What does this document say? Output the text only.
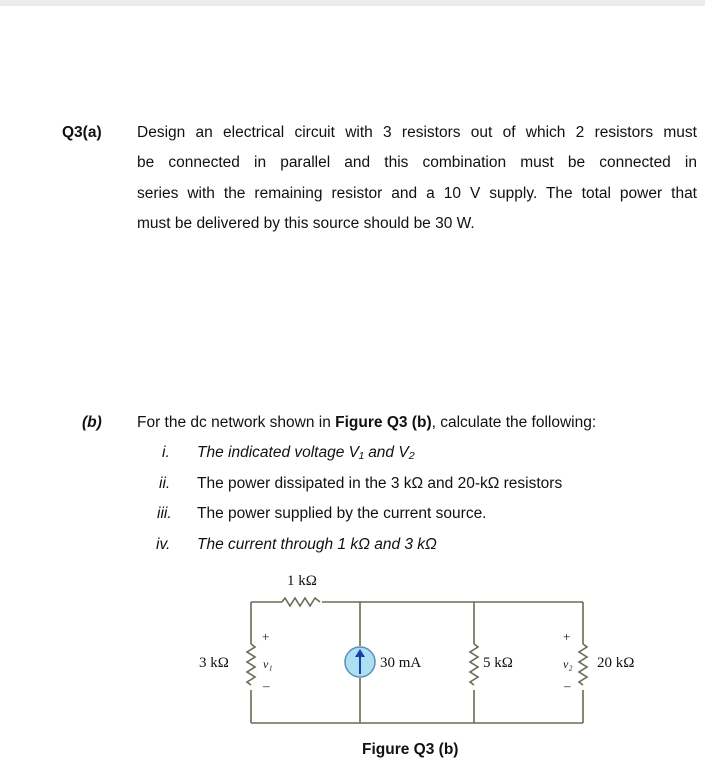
Q3(a) Design an electrical circuit with 3 resistors out of which 2 resistors must
be connected in parallel and this combination must be connected in
series with the remaining resistor and a 10 V supply. The total power that
must be delivered by this source should be 30 W.
(b) For the dc network shown in Figure Q3 (b), calculate the following:
i. The indicated voltage V₁ and V₂
ii. The power dissipated in the 3 kΩ and 20-kΩ resistors
iii. The power supplied by the current source.
iv. The current through 1 kΩ and 3 kΩ
1 kΩ
3 kΩ
+
v₁
–
30 mA	5 kΩ
+
v₂
–
20 kΩ
Figure Q3 (b)
